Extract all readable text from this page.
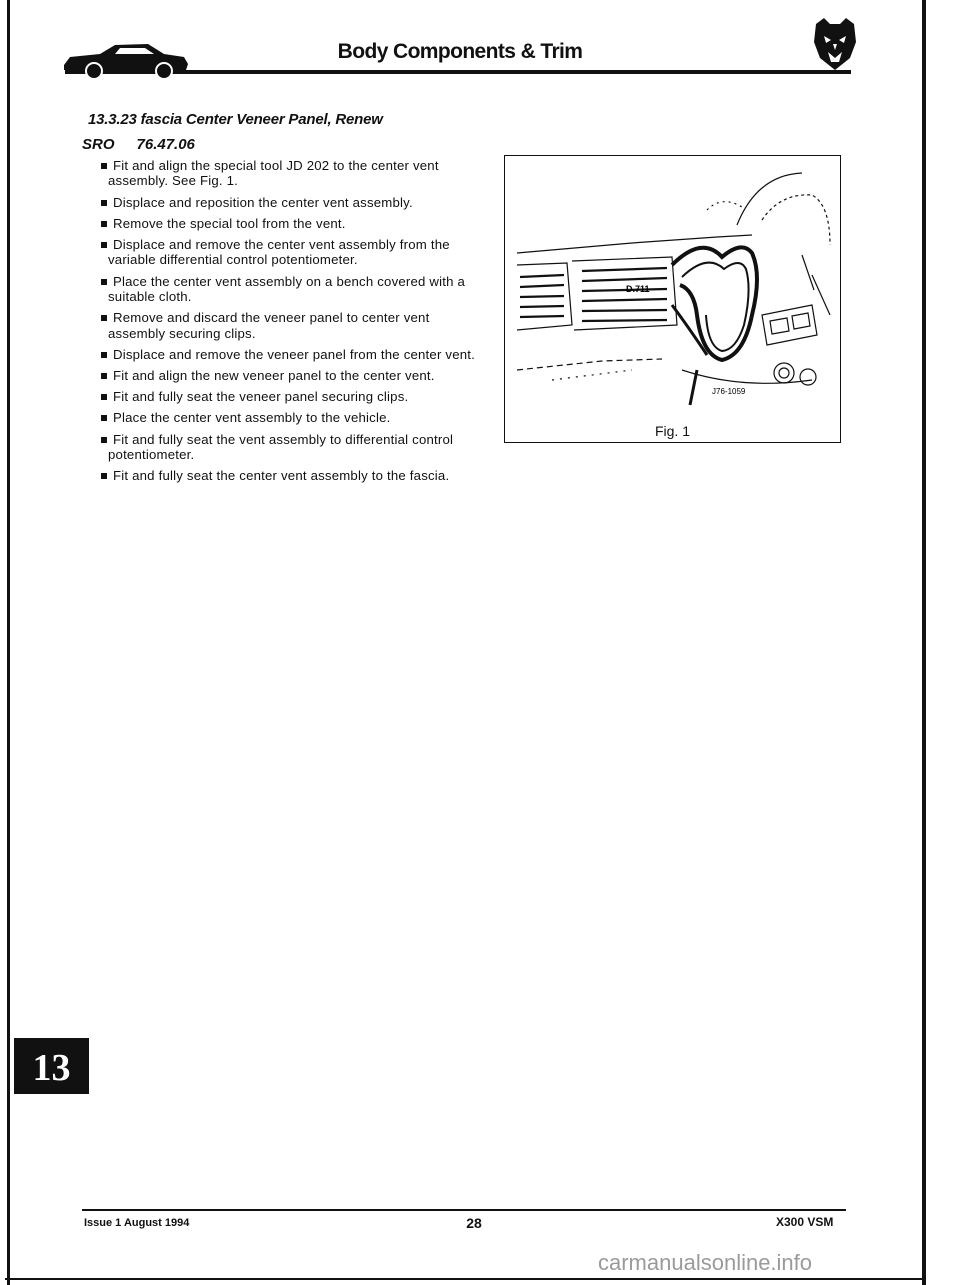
Body Components & Trim
13.3.23 fascia Center Veneer Panel, Renew
SRO 76.47.06
Fit and align the special tool JD 202 to the center vent assembly. See Fig. 1.
Displace and reposition the center vent assembly.
Remove the special tool from the vent.
Displace and remove the center vent assembly from the variable differential control potentiometer.
Place the center vent assembly on a bench covered with a suitable cloth.
Remove and discard the veneer panel to center vent assembly securing clips.
Displace and remove the veneer panel from the center vent.
Fit and align the new veneer panel to the center vent.
Fit and fully seat the veneer panel securing clips.
Place the center vent assembly to the vehicle.
Fit and fully seat the vent assembly to differential control potentiometer.
Fit and fully seat the center vent assembly to the fascia.
D.711
J76-1059
Fig. 1
13
Issue 1 August 1994	28	X300 VSM
carmanualsonline.info
